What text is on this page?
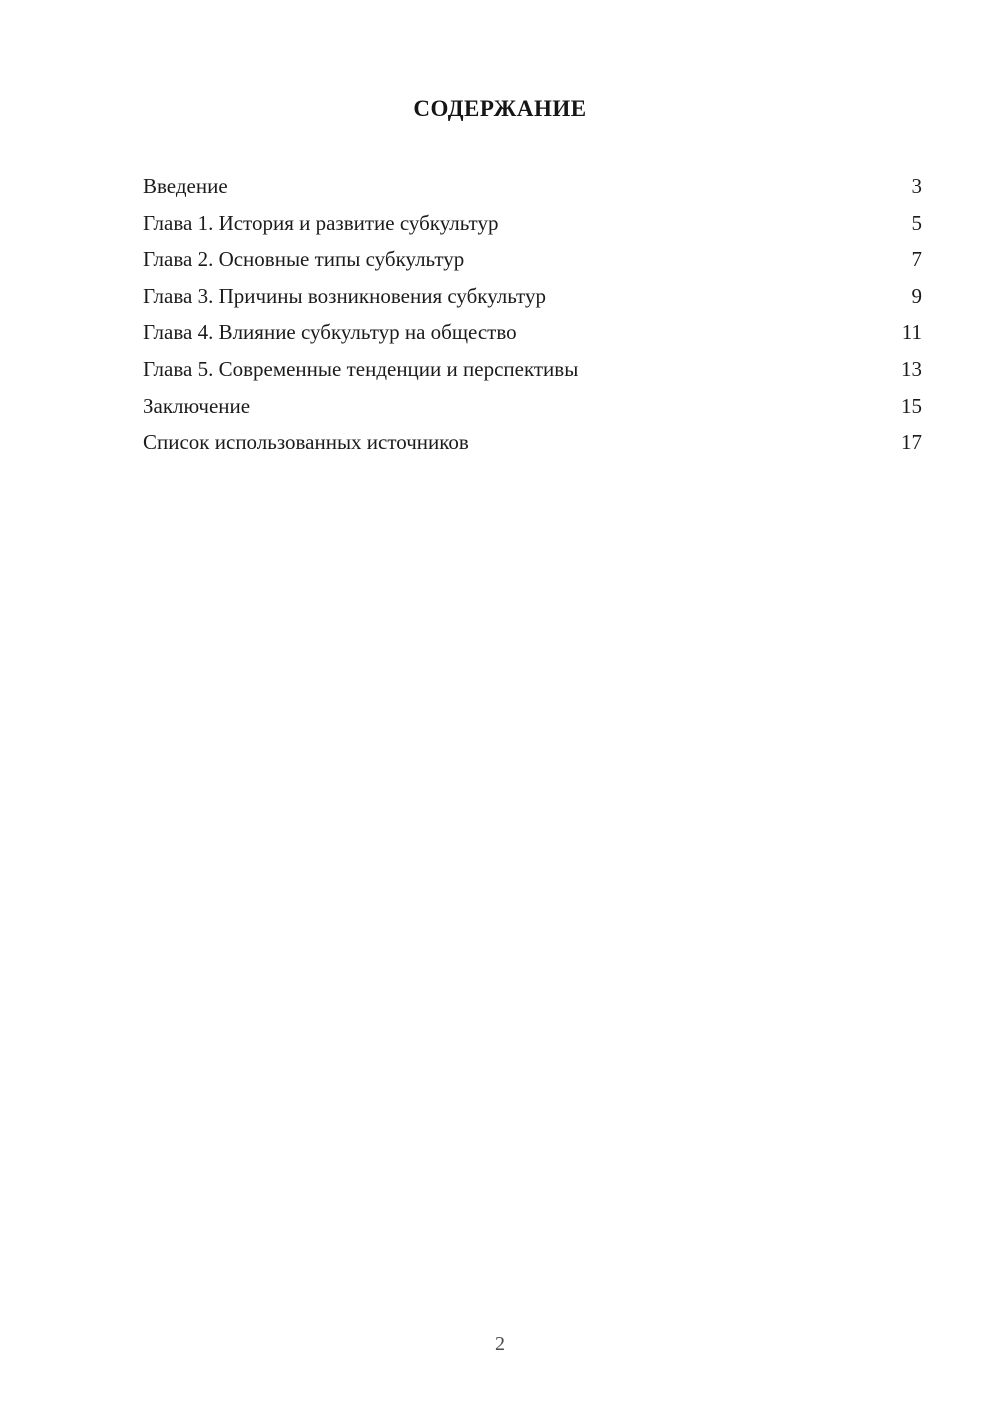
СОДЕРЖАНИЕ
Введение	3
Глава 1. История и развитие субкультур	5
Глава 2. Основные типы субкультур	7
Глава 3. Причины возникновения субкультур	9
Глава 4. Влияние субкультур на общество	11
Глава 5. Современные тенденции и перспективы	13
Заключение	15
Список использованных источников	17
2
